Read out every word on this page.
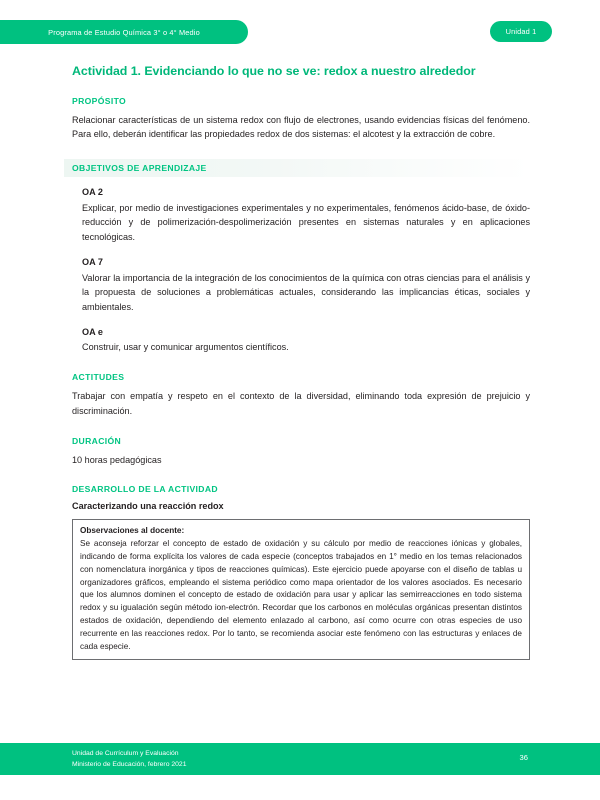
Programa de Estudio Química 3° o 4° Medio	Unidad 1
Actividad 1. Evidenciando lo que no se ve: redox a nuestro alrededor
PROPÓSITO

Relacionar características de un sistema redox con flujo de electrones, usando evidencias físicas del fenómeno. Para ello, deberán identificar las propiedades redox de dos sistemas: el alcotest y la extracción de cobre.

OBJETIVOS DE APRENDIZAJE
OA 2

Explicar, por medio de investigaciones experimentales y no experimentales, fenómenos ácido-base, de óxido-reducción y de polimerización-despolimerización presentes en sistemas naturales y en aplicaciones tecnológicas.

OA 7

Valorar la importancia de la integración de los conocimientos de la química con otras ciencias para el análisis y la propuesta de soluciones a problemáticas actuales, considerando las implicancias éticas, sociales y ambientales.

OA e

Construir, usar y comunicar argumentos científicos.

ACTITUDES

Trabajar con empatía y respeto en el contexto de la diversidad, eliminando toda expresión de prejuicio y discriminación.

DURACIÓN

10 horas pedagógicas

DESARROLLO DE LA ACTIVIDAD
Caracterizando una reacción redox
Observaciones al docente:

Se aconseja reforzar el concepto de estado de oxidación y su cálculo por medio de reacciones iónicas y globales, indicando de forma explícita los valores de cada especie (conceptos trabajados en 1° medio en los temas relacionados con nomenclatura inorgánica y tipos de reacciones químicas). Este ejercicio puede apoyarse con el diseño de tablas u organizadores gráficos, empleando el sistema periódico como mapa orientador de los valores asociados. Es necesario que los alumnos dominen el concepto de estado de oxidación para usar y aplicar las semirreacciones en todo sistema redox y su igualación según método ion-electrón. Recordar que los carbonos en moléculas orgánicas presentan distintos estados de oxidación, dependiendo del elemento enlazado al carbono, así como ocurre con otras especies de uso recurrente en las reacciones redox. Por lo tanto, se recomienda asociar este fenómeno con las estructuras y enlaces de cada especie.

Unidad de Currículum y Evaluación
Ministerio de Educación, febrero 2021
36
